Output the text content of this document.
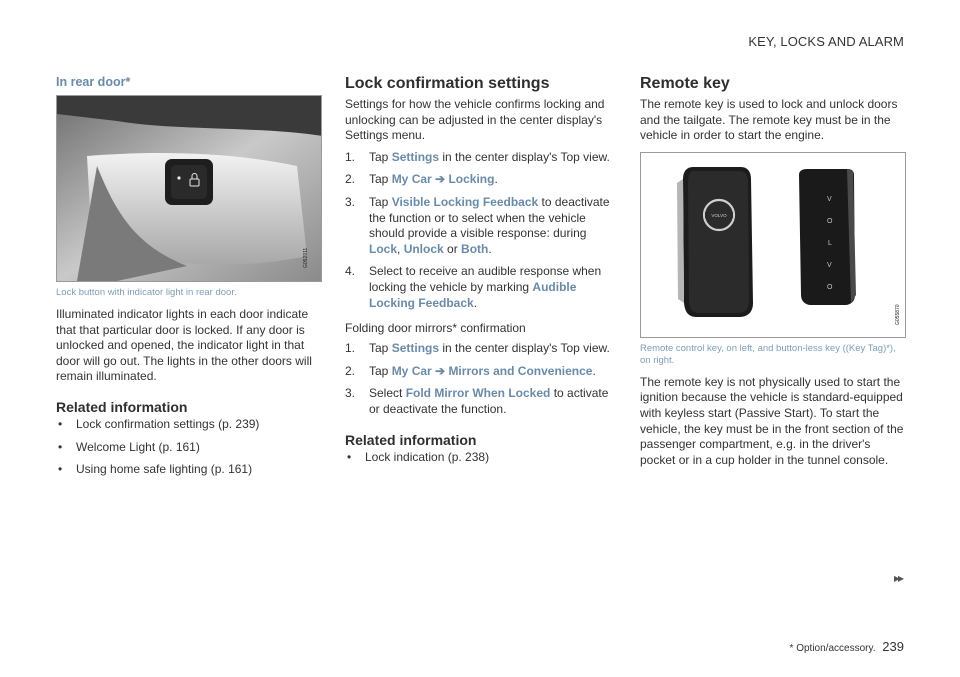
KEY, LOCKS AND ALARM
In rear door*
G052911
Lock button with indicator light in rear door.

Illuminated indicator lights in each door indicate that that particular door is locked. If any door is unlocked and opened, the indicator light in that door will go out. The lights in the other doors will remain illuminated.

Related information
• Lock confirmation settings (p. 239)
• Welcome Light (p. 161)
• Using home safe lighting (p. 161)
Lock confirmation settings

Settings for how the vehicle confirms locking and unlocking can be adjusted in the center display's Settings menu.

1. Tap Settings in the center display's Top view.
2. Tap My Car ➔ Locking.
3. Tap Visible Locking Feedback to deactivate the function or to select when the vehicle should provide a visible response: during Lock, Unlock or Both.
4. Select to receive an audible response when locking the vehicle by marking Audible Locking Feedback.
Folding door mirrors* confirmation
1. Tap Settings in the center display's Top view.
2. Tap My Car ➔ Mirrors and Convenience.
3. Select Fold Mirror When Locked to activate or deactivate the function.
Related information
• Lock indication (p. 238)
Remote key

The remote key is used to lock and unlock doors and the tailgate. The remote key must be in the vehicle in order to start the engine.

VOLVO
V
O
L
V
O
G055870
Remote control key, on left, and button-less key ((Key Tag)*), on right.

The remote key is not physically used to start the ignition because the vehicle is standard-equipped with keyless start (Passive Start). To start the vehicle, the key must be in the front section of the passenger compartment, e.g. in the driver's pocket or in a cup holder in the tunnel console.

▸▸
* Option/accessory. 239
